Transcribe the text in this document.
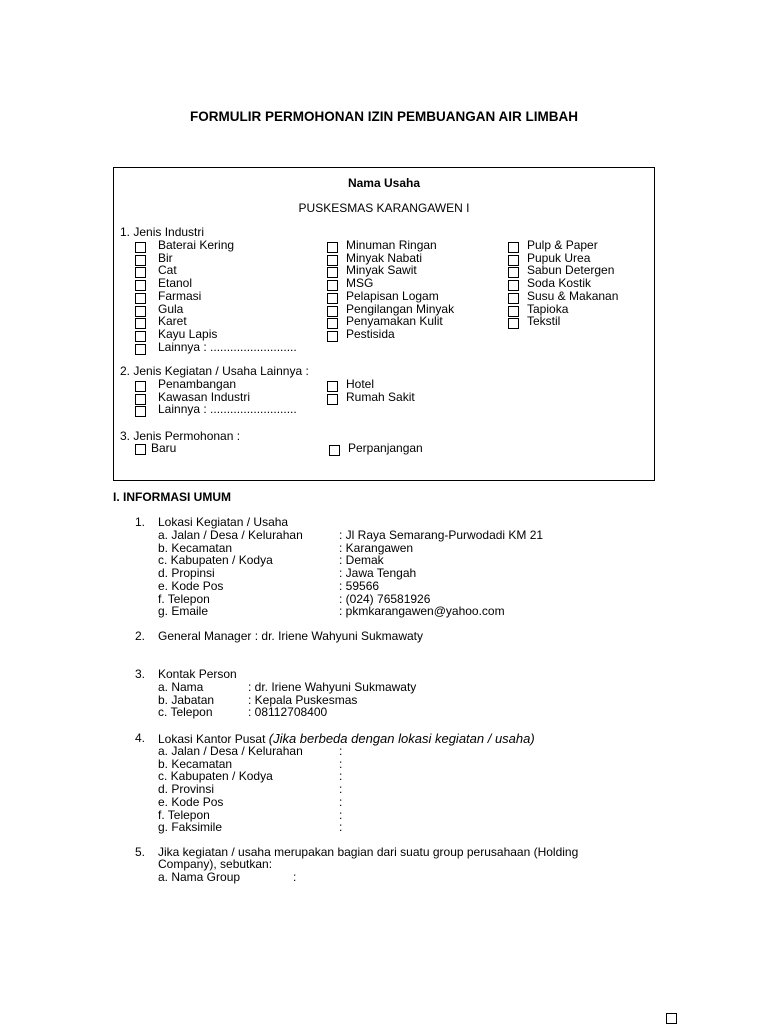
FORMULIR PERMOHONAN IZIN PEMBUANGAN AIR LIMBAH
Nama Usaha
PUSKESMAS KARANGAWEN I
1. Jenis Industri
Baterai Kering
Bir
Cat
Etanol
Farmasi
Gula
Karet
Kayu Lapis
Lainnya : ..........................
Minuman Ringan
Minyak Nabati
Minyak Sawit
MSG
Pelapisan Logam
Pengilangan Minyak
Penyamakan Kulit
Pestisida
Pulp & Paper
Pupuk Urea
Sabun Detergen
Soda Kostik
Susu & Makanan
Tapioka
Tekstil
2. Jenis Kegiatan / Usaha Lainnya :
Penambangan
Kawasan Industri
Lainnya : ..........................
Hotel
Rumah Sakit
3. Jenis Permohonan :
Baru	Perpanjangan
I. INFORMASI UMUM
1. Lokasi Kegiatan / Usaha
a. Jalan / Desa / Kelurahan	: Jl Raya Semarang-Purwodadi KM 21
b. Kecamatan	: Karangawen
c. Kabupaten / Kodya	: Demak
d. Propinsi	: Jawa Tengah
e. Kode Pos	: 59566
f. Telepon	: (024) 76581926
g. Emaile	: pkmkarangawen@yahoo.com
2. General Manager : dr. Iriene Wahyuni Sukmawaty
3. Kontak Person
a. Nama	: dr. Iriene Wahyuni Sukmawaty
b. Jabatan	: Kepala Puskesmas
c. Telepon	: 08112708400
4. Lokasi Kantor Pusat (Jika berbeda dengan lokasi kegiatan / usaha)
a. Jalan / Desa / Kelurahan	:
b. Kecamatan	:
c. Kabupaten / Kodya	:
d. Provinsi	:
e. Kode Pos	:
f. Telepon	:
g. Faksimile	:
5. Jika kegiatan / usaha merupakan bagian dari suatu group perusahaan (Holding
Company), sebutkan:
a. Nama Group	:
